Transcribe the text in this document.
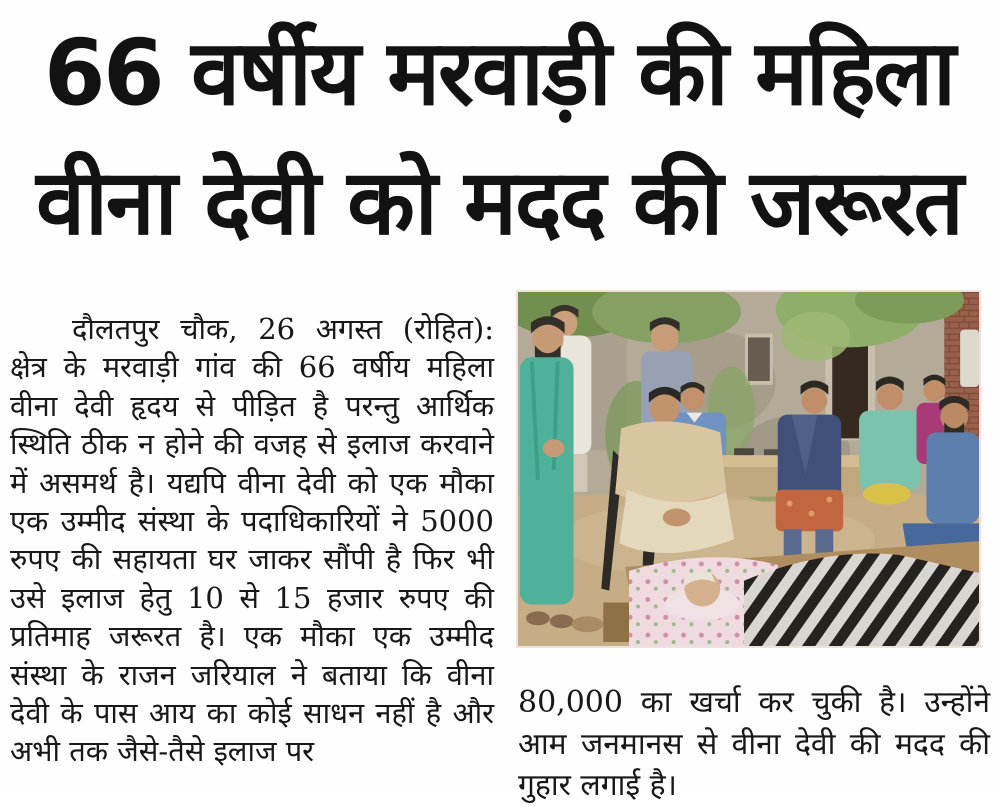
66 वर्षीय मरवाड़ी की महिला
वीना देवी को मदद की जरूरत

दौलतपुर चौक, 26 अगस्त (रोहित): क्षेत्र के मरवाड़ी गांव की 66 वर्षीय महिला वीना देवी हृदय से पीड़ित है परन्तु आर्थिक स्थिति ठीक न होने की वजह से इलाज करवाने में असमर्थ है। यद्यपि वीना देवी को एक मौका एक उम्मीद संस्था के पदाधिकारियों ने 5000 रुपए की सहायता घर जाकर सौंपी है फिर भी उसे इलाज हेतु 10 से 15 हजार रुपए की प्रतिमाह जरूरत है। एक मौका एक उम्मीद संस्था के राजन जरियाल ने बताया कि वीना देवी के पास आय का कोई साधन नहीं है और अभी तक जैसे-तैसे इलाज पर

80,000 का खर्चा कर चुकी है। उन्होंने आम जनमानस से वीना देवी की मदद की गुहार लगाई है।
